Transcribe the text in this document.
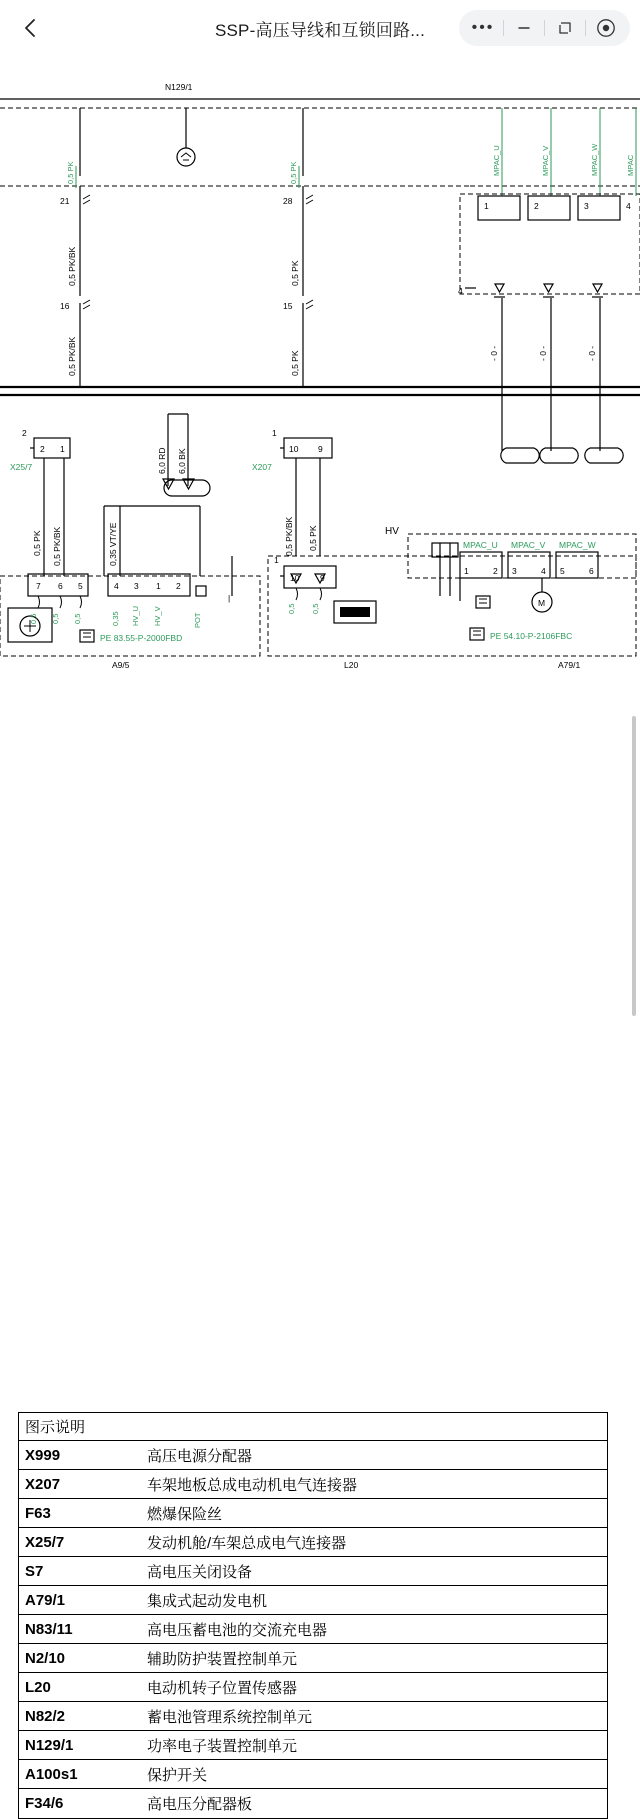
SSP-高压导线和互锁回路...	•••
N129/1
MPAC_U	MPAC_V	MPAC_W	MPAC
0,5 PK	0,5 PK
21	28
0,5 PK/BK	0,5 PK
16	15
0,5 PK/BK	0,5 PK
1	2	3	4
4
- 0 -	- 0 -	- 0 -
2
2 1
X25/7
0,5 PK 0,5 PK/BK
6,0 RD 6,0 BK
1
10 9
X207
0,5 PK/BK 0,5 PK	HV
MPAC_U MPAC_V MPAC_W
1	2 3	4 5	6
7 6 5
0,5 0,5 0,5
4 3 1 2
0,35 HV_U HV_V	POT
0,35 VT/YE
|
PE 83.55-P-2000FBD
A9/5
10 9
1
0,5 0,5
L20
M
PE 54.10-P-2106FBC
A79/1
图示说明
X999	高压电源分配器
X207	车架地板总成电动机电气连接器
F63	燃爆保险丝
X25/7	发动机舱/车架总成电气连接器
S7	高电压关闭设备
A79/1	集成式起动发电机
N83/11	高电压蓄电池的交流充电器
N2/10	辅助防护装置控制单元
L20	电动机转子位置传感器
N82/2	蓄电池管理系统控制单元
N129/1	功率电子装置控制单元
A100s1	保护开关
F34/6	高电压分配器板
